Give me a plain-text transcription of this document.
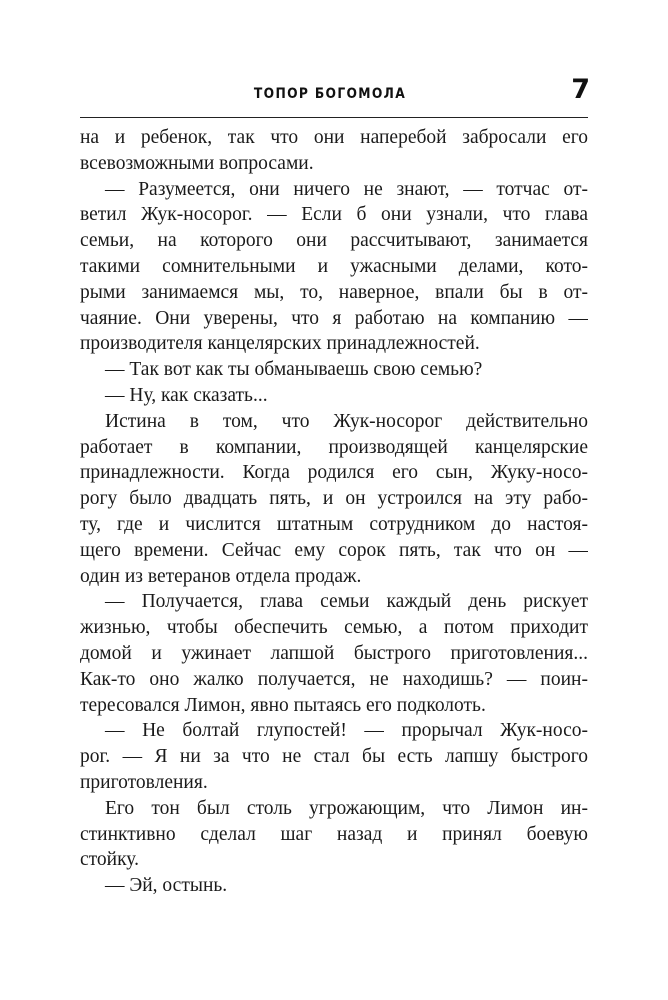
ТОПОР БОГОМОЛА	7
на и ребенок, так что они наперебой забросали его
всевозможными вопросами.
— Разумеется, они ничего не знают, — тотчас от-
ветил Жук-носорог. — Если б они узнали, что глава
семьи, на которого они рассчитывают, занимается
такими сомнительными и ужасными делами, кото-
рыми занимаемся мы, то, наверное, впали бы в от-
чаяние. Они уверены, что я работаю на компанию —
производителя канцелярских принадлежностей.
— Так вот как ты обманываешь свою семью?
— Ну, как сказать...
Истина в том, что Жук-носорог действительно
работает в компании, производящей канцелярские
принадлежности. Когда родился его сын, Жуку-носо-
рогу было двадцать пять, и он устроился на эту рабо-
ту, где и числится штатным сотрудником до настоя-
щего времени. Сейчас ему сорок пять, так что он —
один из ветеранов отдела продаж.
— Получается, глава семьи каждый день рискует
жизнью, чтобы обеспечить семью, а потом приходит
домой и ужинает лапшой быстрого приготовления...
Как-то оно жалко получается, не находишь? — поин-
тересовался Лимон, явно пытаясь его подколоть.
— Не болтай глупостей! — прорычал Жук-носо-
рог. — Я ни за что не стал бы есть лапшу быстрого
приготовления.
Его тон был столь угрожающим, что Лимон ин-
стинктивно сделал шаг назад и принял боевую
стойку.
— Эй, остынь.
